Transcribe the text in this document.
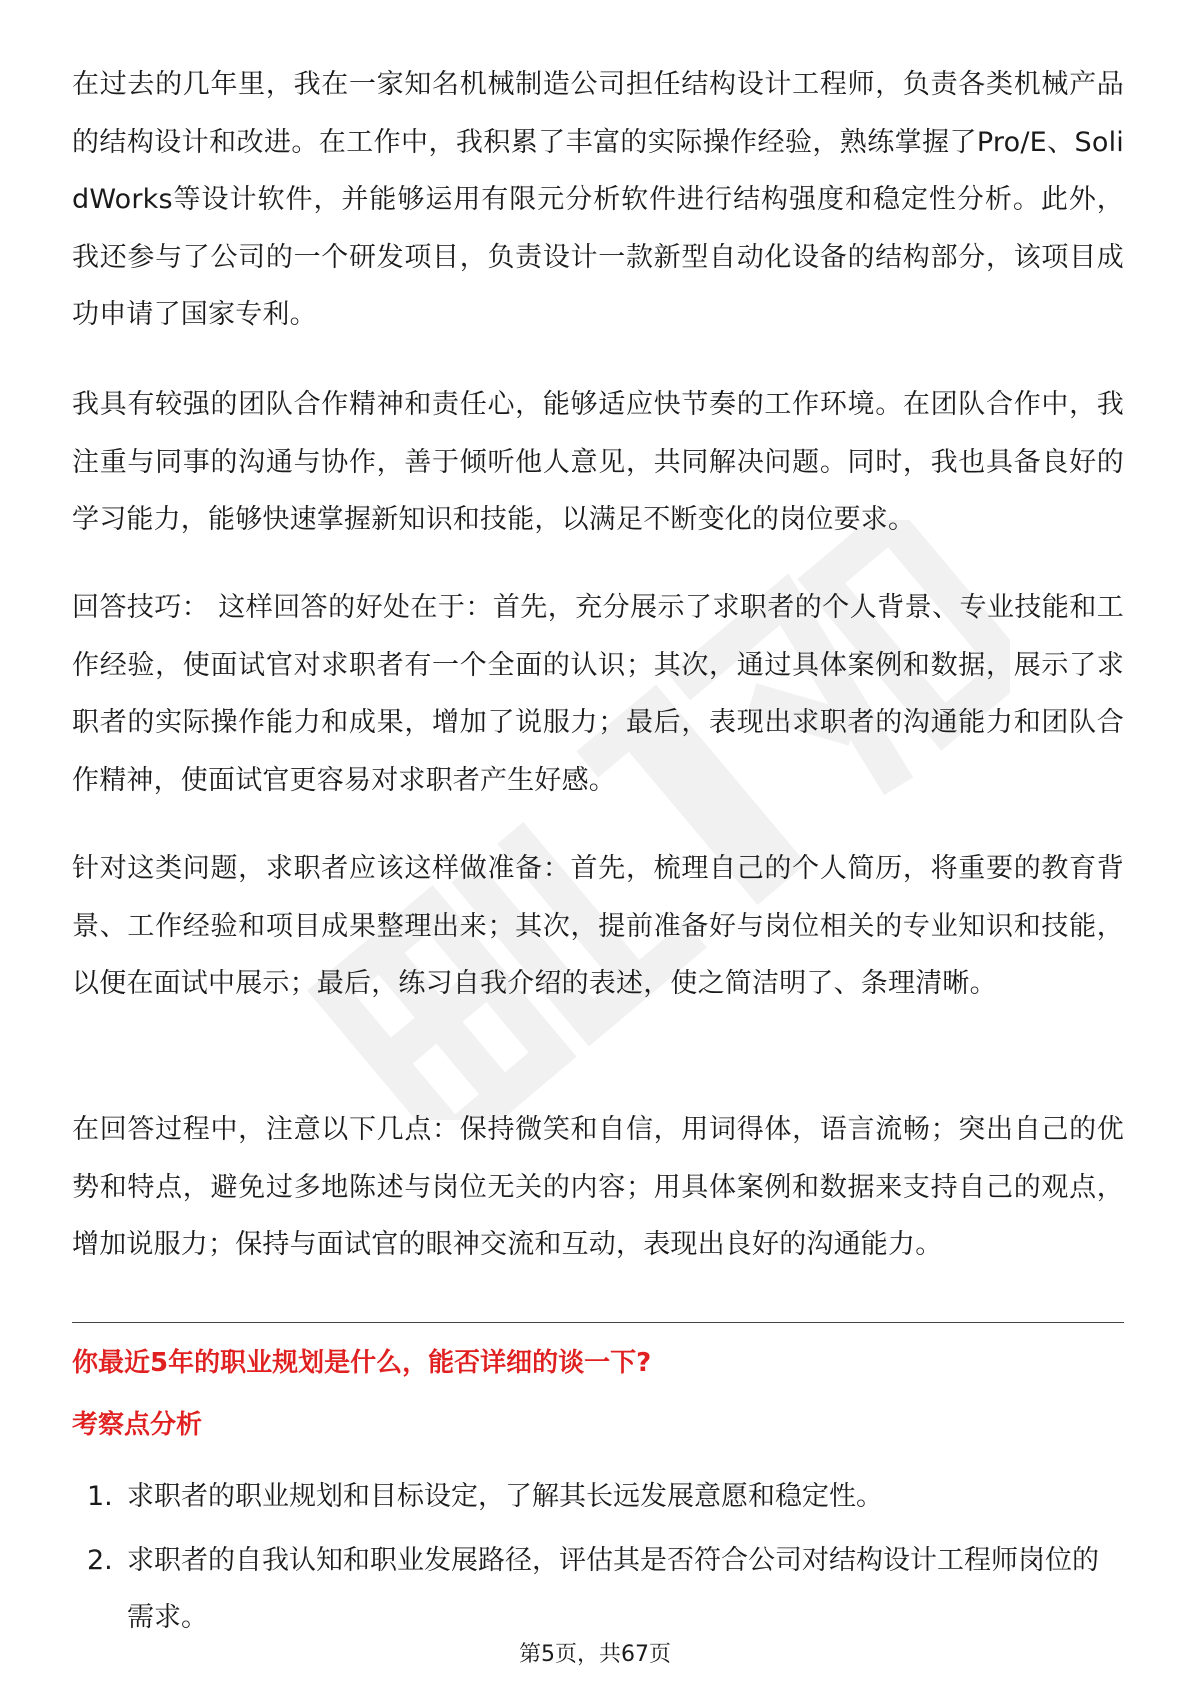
在过去的几年里，我在一家知名机械制造公司担任结构设计工程师，负责各类机械产品的结构设计和改进。在工作中，我积累了丰富的实际操作经验，熟练掌握了Pro/E、SolidWorks等设计软件，并能够运用有限元分析软件进行结构强度和稳定性分析。此外，我还参与了公司的一个研发项目，负责设计一款新型自动化设备的结构部分，该项目成功申请了国家专利。

我具有较强的团队合作精神和责任心，能够适应快节奏的工作环境。在团队合作中，我注重与同事的沟通与协作，善于倾听他人意见，共同解决问题。同时，我也具备良好的学习能力，能够快速掌握新知识和技能，以满足不断变化的岗位要求。

回答技巧： 这样回答的好处在于：首先，充分展示了求职者的个人背景、专业技能和工作经验，使面试官对求职者有一个全面的认识；其次，通过具体案例和数据，展示了求职者的实际操作能力和成果，增加了说服力；最后，表现出求职者的沟通能力和团队合作精神，使面试官更容易对求职者产生好感。

针对这类问题，求职者应该这样做准备：首先，梳理自己的个人简历，将重要的教育背景、工作经验和项目成果整理出来；其次，提前准备好与岗位相关的专业知识和技能，以便在面试中展示；最后，练习自我介绍的表述，使之简洁明了、条理清晰。

在回答过程中，注意以下几点：保持微笑和自信，用词得体，语言流畅；突出自己的优势和特点，避免过多地陈述与岗位无关的内容；用具体案例和数据来支持自己的观点，增加说服力；保持与面试官的眼神交流和互动，表现出良好的沟通能力。

你最近5年的职业规划是什么，能否详细的谈一下?
考察点分析
1. 求职者的职业规划和目标设定，了解其长远发展意愿和稳定性。
2. 求职者的自我认知和职业发展路径，评估其是否符合公司对结构设计工程师岗位的需求。
第5页，共67页
